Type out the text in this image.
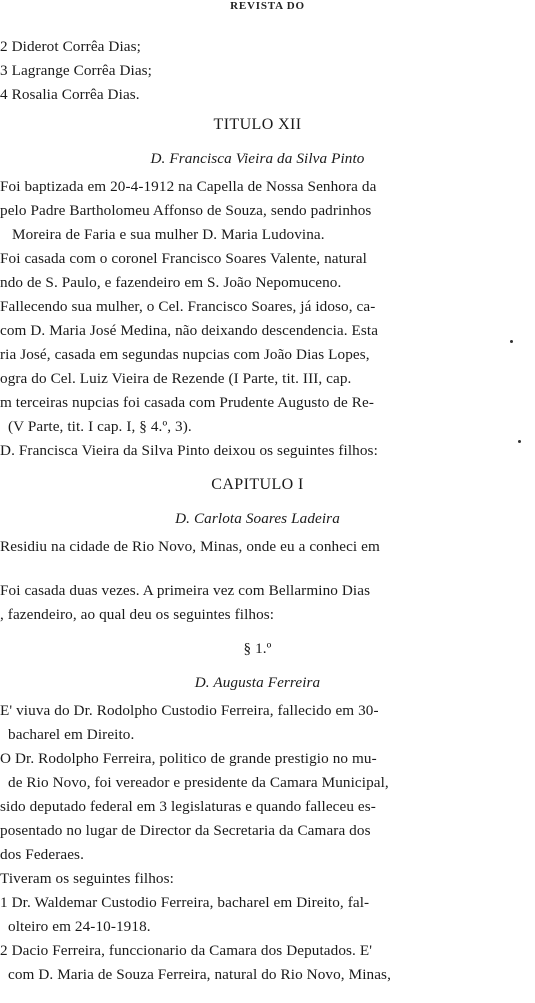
REVISTA DO
2 Diderot Corrêa Dias;
3 Lagrange Corrêa Dias;
4 Rosalia Corrêa Dias.
TITULO XII
D. Francisca Vieira da Silva Pinto
Foi baptizada em 20-4-1912 na Capella de Nossa Senhora da
pelo Padre Bartholomeu Affonso de Souza, sendo padrinhos
Moreira de Faria e sua mulher D. Maria Ludovina.
Foi casada com o coronel Francisco Soares Valente, natural
ndo de S. Paulo, e fazendeiro em S. João Nepomuceno.
Fallecendo sua mulher, o Cel. Francisco Soares, já idoso, ca-
com D. Maria José Medina, não deixando descendencia. Esta
ria José, casada em segundas nupcias com João Dias Lopes,
ogra do Cel. Luiz Vieira de Rezende (I Parte, tit. III, cap.
m terceiras nupcias foi casada com Prudente Augusto de Re-
(V Parte, tit. I cap. I, § 4.º, 3).
D. Francisca Vieira da Silva Pinto deixou os seguintes filhos:
CAPITULO I
D. Carlota Soares Ladeira
Residiu na cidade de Rio Novo, Minas, onde eu a conheci em
Foi casada duas vezes. A primeira vez com Bellarmino Dias
, fazendeiro, ao qual deu os seguintes filhos:
§ 1.º
D. Augusta Ferreira
E' viuva do Dr. Rodolpho Custodio Ferreira, fallecido em 30-
bacharel em Direito.
O Dr. Rodolpho Ferreira, politico de grande prestigio no mu-
de Rio Novo, foi vereador e presidente da Camara Municipal,
sido deputado federal em 3 legislaturas e quando falleceu es-
posentado no lugar de Director da Secretaria da Camara dos
dos Federaes.
Tiveram os seguintes filhos:
1 Dr. Waldemar Custodio Ferreira, bacharel em Direito, fal-
olteiro em 24-10-1918.
2 Dacio Ferreira, funccionario da Camara dos Deputados. E'
com D. Maria de Souza Ferreira, natural do Rio Novo, Minas,
